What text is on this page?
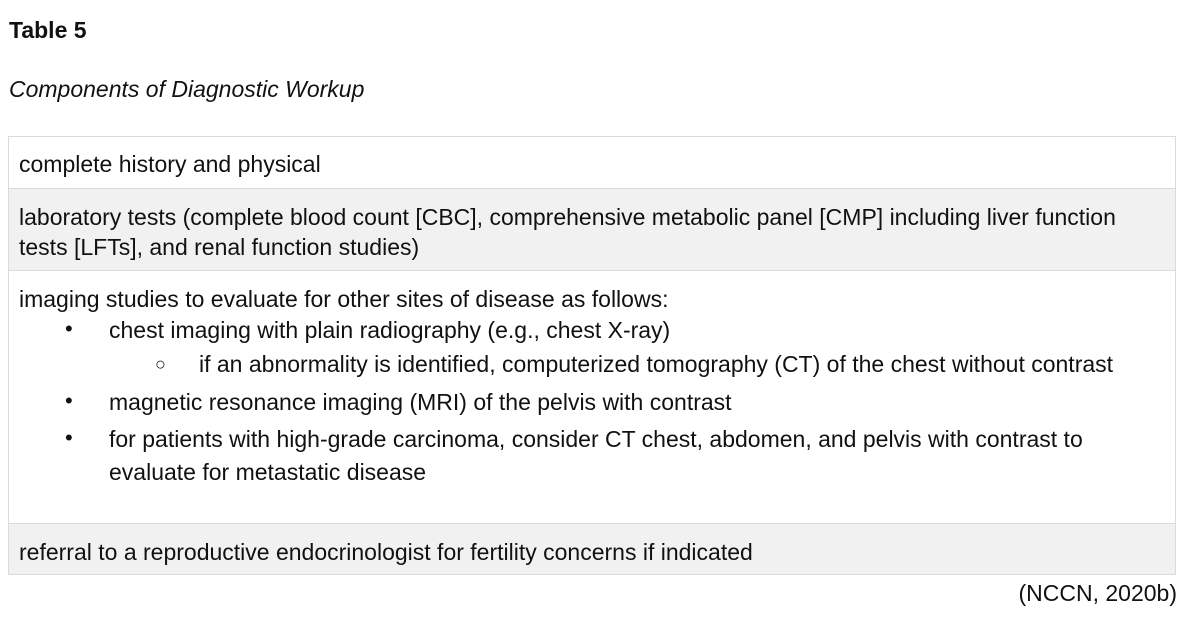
Table 5
Components of Diagnostic Workup
complete history and physical
laboratory tests (complete blood count [CBC], comprehensive metabolic panel [CMP] including liver function tests [LFTs], and renal function studies)
imaging studies to evaluate for other sites of disease as follows:
• chest imaging with plain radiography (e.g., chest X-ray)
○ if an abnormality is identified, computerized tomography (CT) of the chest without contrast
• magnetic resonance imaging (MRI) of the pelvis with contrast
• for patients with high-grade carcinoma, consider CT chest, abdomen, and pelvis with contrast to evaluate for metastatic disease
referral to a reproductive endocrinologist for fertility concerns if indicated
(NCCN, 2020b)
